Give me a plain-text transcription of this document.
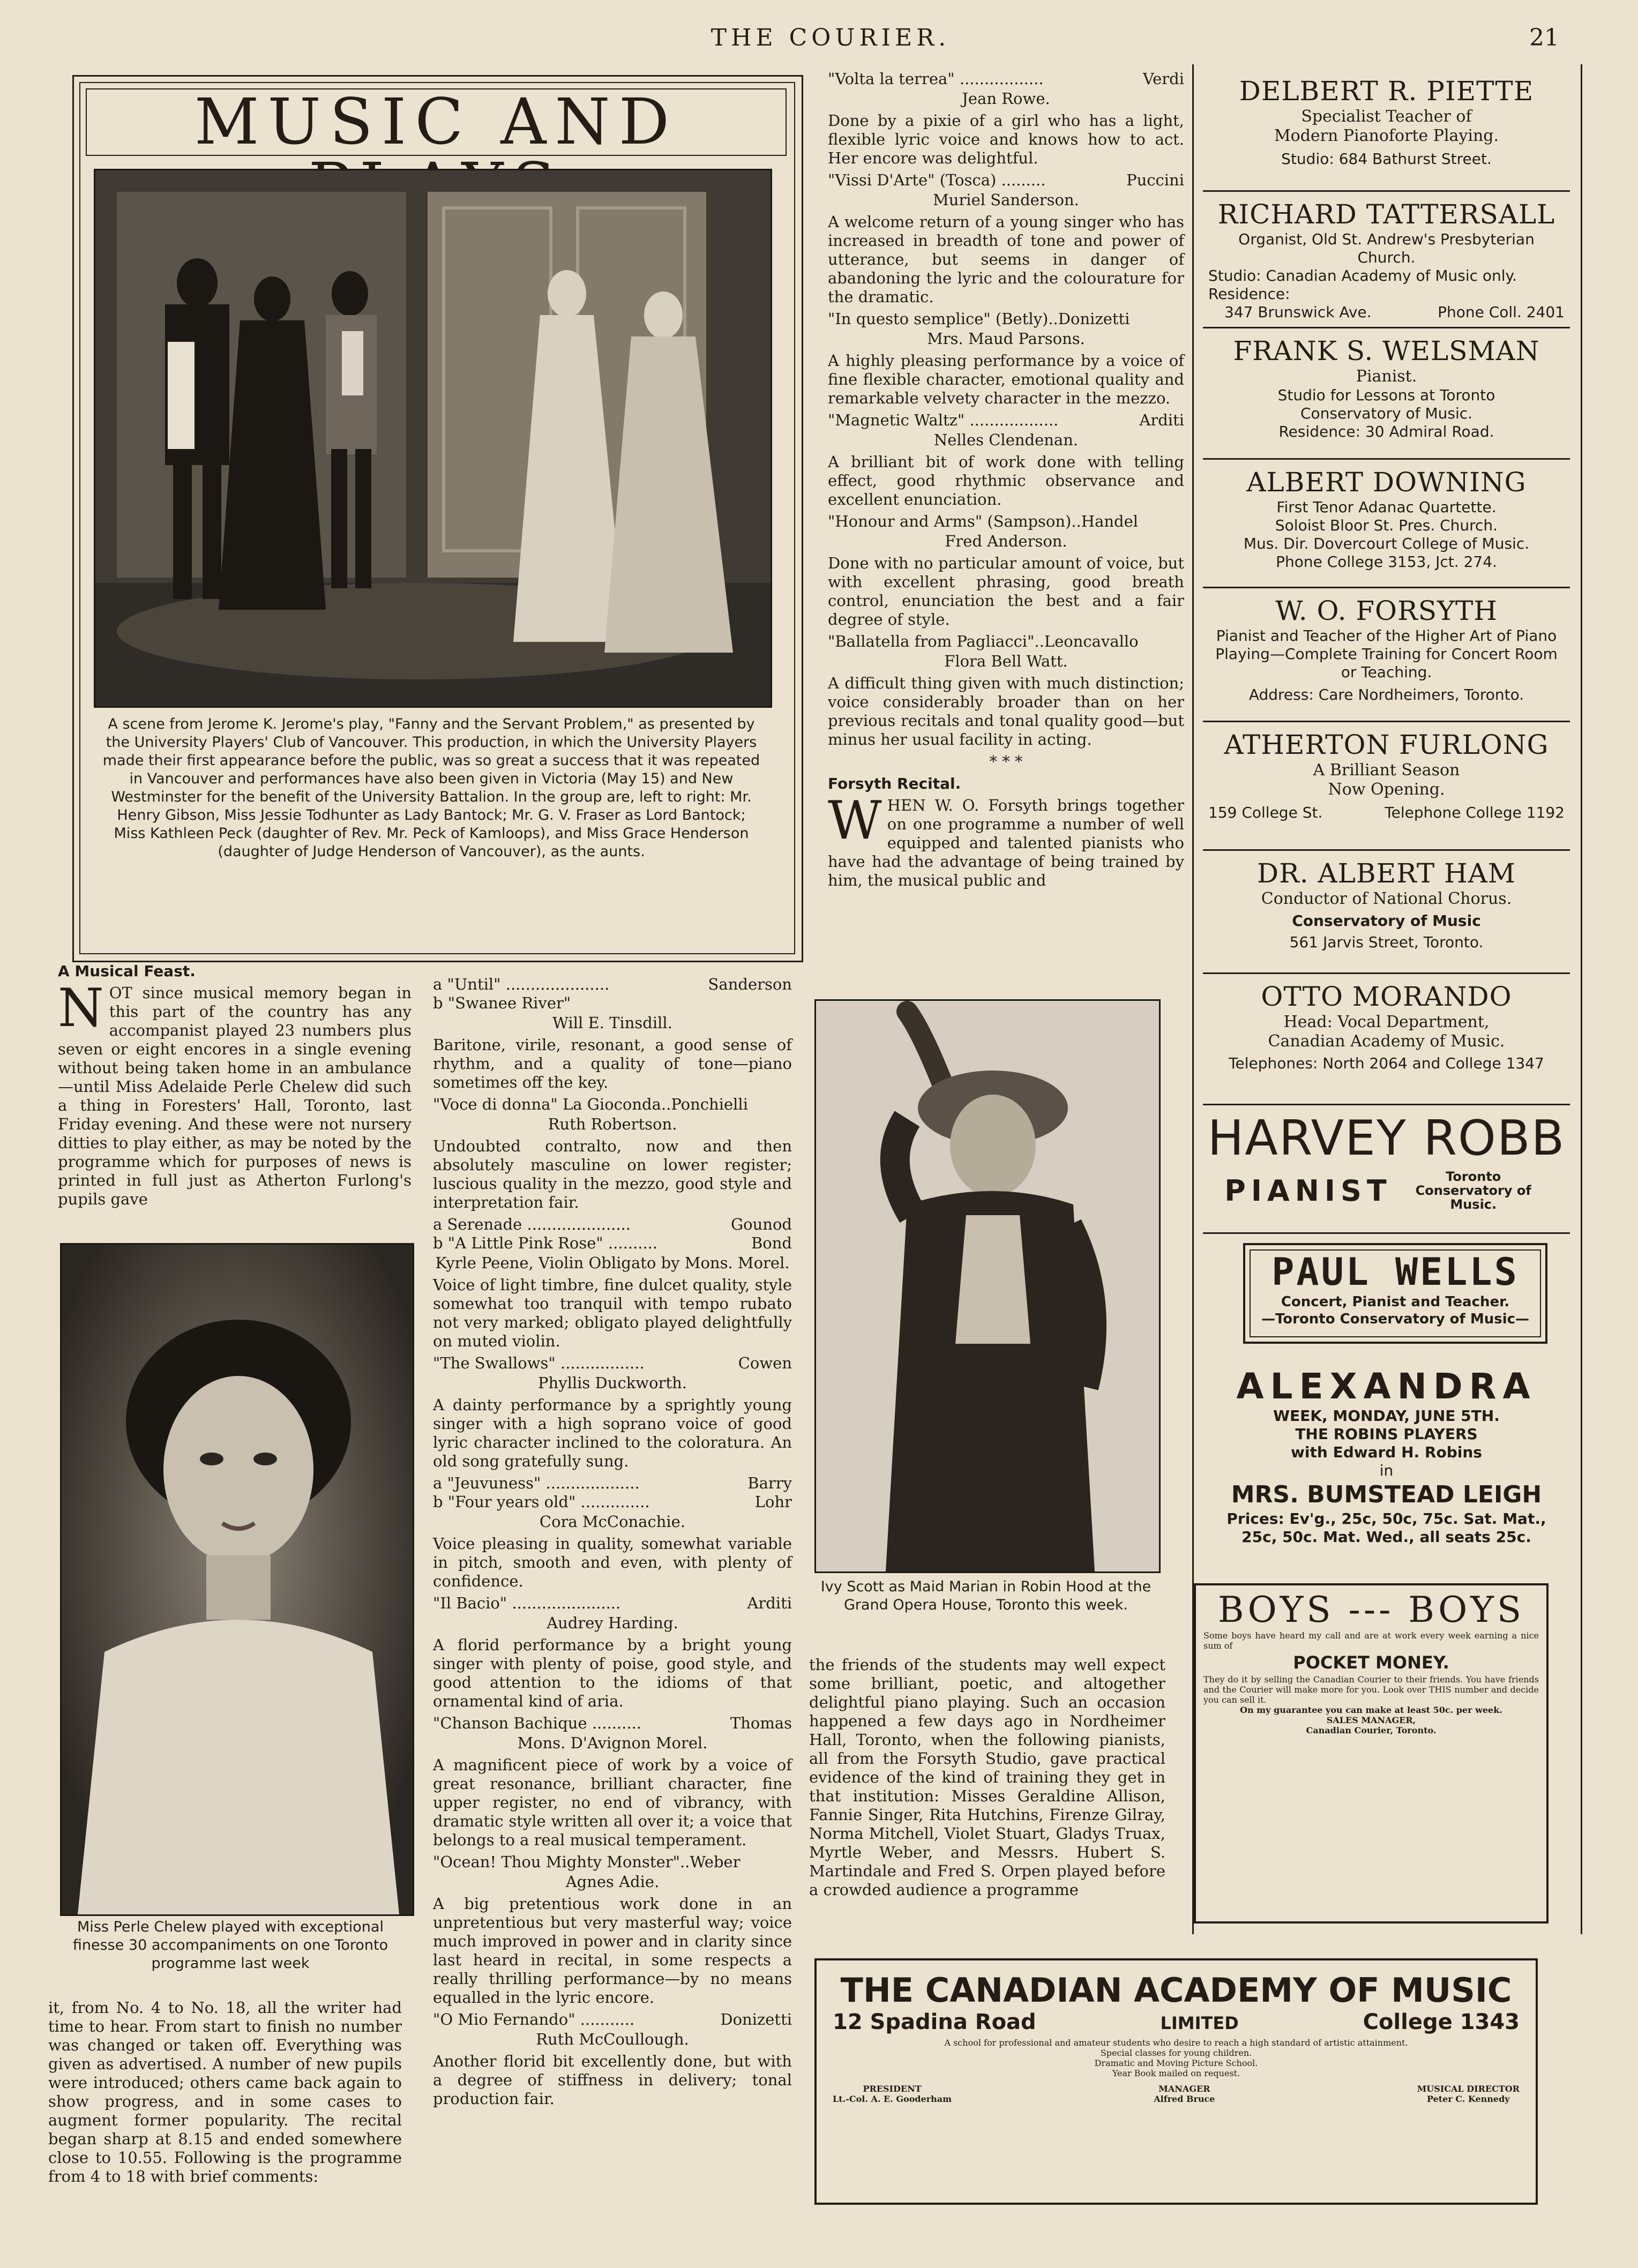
THE COURIER.	21
MUSIC AND
A scene from Jerome K. Jerome's play, "Fanny and the Servant Problem," as presented by the University Players' Club of Vancouver. This production, in which the University Players made their first appearance before the public, was so great a success that it was repeated in Vancouver and performances have also been given in Victoria (May 15) and New Westminster for the benefit of the University Battalion. In the group are, left to right: Mr. Henry Gibson, Miss Jessie Todhunter as Lady Bantock; Mr. G. V. Fraser as Lord Bantock; Miss Kathleen Peck (daughter of Rev. Mr. Peck of Kamloops), and Miss Grace Henderson (daughter of Judge Henderson of Vancouver), as the aunts.

A Musical Feast.

NOT since musical memory began in this part of the country has any accompanist played 23 numbers plus seven or eight encores in a single evening without being taken home in an ambulance—until Miss Adelaide Perle Chelew did such a thing in Foresters' Hall, Toronto, last Friday evening. And these were not nursery ditties to play either, as may be noted by the programme which for purposes of news is printed in full just as Atherton Furlong's pupils gave

Miss Perle Chelew played with exceptional finesse 30 accompaniments on one Toronto programme last week

it, from No. 4 to No. 18, all the writer had time to hear. From start to finish no number was changed or taken off. Everything was given as advertised. A number of new pupils were introduced; others came back again to show progress, and in some cases to augment former popularity. The recital began sharp at 8.15 and ended somewhere close to 10.55. Following is the programme from 4 to 18 with brief comments:

a "Until" .....................	Sanderson
b "Swanee River"

Will E. Tinsdill.

Baritone, virile, resonant, a good sense of rhythm, and a quality of tone—piano sometimes off the key.

"Voce di donna" La Gioconda..Ponchielli

Ruth Robertson.

Undoubted contralto, now and then absolutely masculine on lower register; luscious quality in the mezzo, good style and interpretation fair.

a Serenade .....................	Gounod
b "A Little Pink Rose" ..........	Bond

Kyrle Peene, Violin Obligato by Mons. Morel.

Voice of light timbre, fine dulcet quality, style somewhat too tranquil with tempo rubato not very marked; obligato played delightfully on muted violin.

"The Swallows" .................	Cowen

Phyllis Duckworth.

A dainty performance by a sprightly young singer with a high soprano voice of good lyric character inclined to the coloratura. An old song gratefully sung.

a "Jeuvuness" ...................	Barry
b "Four years old" ..............	Lohr

Cora McConachie.

Voice pleasing in quality, somewhat variable in pitch, smooth and even, with plenty of confidence.

"Il Bacio" ......................	Arditi

Audrey Harding.

A florid performance by a bright young singer with plenty of poise, good style, and good attention to the idioms of that ornamental kind of aria.

"Chanson Bachique ..........	Thomas

Mons. D'Avignon Morel.

A magnificent piece of work by a voice of great resonance, brilliant character, fine upper register, no end of vibrancy, with dramatic style written all over it; a voice that belongs to a real musical temperament.

"Ocean! Thou Mighty Monster"..Weber

Agnes Adie.

A big pretentious work done in an unpretentious but very masterful way; voice much improved in power and in clarity since last heard in recital, in some respects a really thrilling performance—by no means equalled in the lyric encore.

"O Mio Fernando" ...........	Donizetti

Ruth McCoullough.

Another florid bit excellently done, but with a degree of stiffness in delivery; tonal production fair.

"Volta la terrea" .................	Verdi

Jean Rowe.

Done by a pixie of a girl who has a light, flexible lyric voice and knows how to act. Her encore was delightful.

"Vissi D'Arte" (Tosca) .........	Puccini

Muriel Sanderson.

A welcome return of a young singer who has increased in breadth of tone and power of utterance, but seems in danger of abandoning the lyric and the colourature for the dramatic.

"In questo semplice" (Betly)..Donizetti

Mrs. Maud Parsons.

A highly pleasing performance by a voice of fine flexible character, emotional quality and remarkable velvety character in the mezzo.

"Magnetic Waltz" ..................	Arditi

Nelles Clendenan.

A brilliant bit of work done with telling effect, good rhythmic observance and excellent enunciation.

"Honour and Arms" (Sampson)..Handel

Fred Anderson.

Done with no particular amount of voice, but with excellent phrasing, good breath control, enunciation the best and a fair degree of style.

"Ballatella from Pagliacci"..Leoncavallo

Flora Bell Watt.

A difficult thing given with much distinction; voice considerably broader than on her previous recitals and tonal quality good—but minus her usual facility in acting.

* * *

Forsyth Recital.

WHEN W. O. Forsyth brings together on one programme a number of well equipped and talented pianists who have had the advantage of being trained by him, the musical public and

Ivy Scott as Maid Marian in Robin Hood at the Grand Opera House, Toronto this week.

the friends of the students may well expect some brilliant, poetic, and altogether delightful piano playing. Such an occasion happened a few days ago in Nordheimer Hall, Toronto, when the following pianists, all from the Forsyth Studio, gave practical evidence of the kind of training they get in that institution: Misses Geraldine Allison, Fannie Singer, Rita Hutchins, Firenze Gilray, Norma Mitchell, Violet Stuart, Gladys Truax, Myrtle Weber, and Messrs. Hubert S. Martindale and Fred S. Orpen played before a crowded audience a programme

DELBERT R. PIETTE
Specialist Teacher of
Modern Pianoforte Playing.
Studio: 684 Bathurst Street.
RICHARD TATTERSALL
Organist, Old St. Andrew's Presbyterian Church.
Studio: Canadian Academy of Music only.
Residence:
347 Brunswick Ave.	Phone Coll. 2401
FRANK S. WELSMAN
Pianist.
Studio for Lessons at Toronto Conservatory of Music.
Residence: 30 Admiral Road.
ALBERT DOWNING
First Tenor Adanac Quartette.
Soloist Bloor St. Pres. Church.
Mus. Dir. Dovercourt College of Music.
Phone College 3153, Jct. 274.
W. O. FORSYTH
Pianist and Teacher of the Higher Art of Piano Playing—Complete Training for Concert Room or Teaching.
Address: Care Nordheimers, Toronto.
ATHERTON FURLONG
A Brilliant Season
Now Opening.
159 College St.	Telephone College 1192
DR. ALBERT HAM
Conductor of National Chorus.
Conservatory of Music
561 Jarvis Street, Toronto.
OTTO MORANDO
Head: Vocal Department,
Canadian Academy of Music.
Telephones: North 2064 and College 1347
HARVEY ROBB
PIANIST	Toronto Conservatory of Music.
PAUL WELLS
Concert, Pianist and Teacher.
—Toronto Conservatory of Music—
ALEXANDRA
WEEK, MONDAY, JUNE 5TH.
THE ROBINS PLAYERS
with Edward H. Robins
in
MRS. BUMSTEAD LEIGH
Prices: Ev'g., 25c, 50c, 75c. Sat. Mat., 25c, 50c. Mat. Wed., all seats 25c.
BOYS --- BOYS
Some boys have heard my call and are at work every week earning a nice sum of
POCKET MONEY.
They do it by selling the Canadian Courier to their friends. You have friends and the Courier will make more for you. Look over THIS number and decide you can sell it.
On my guarantee you can make at least 50c. per week.
SALES MANAGER,
Canadian Courier, Toronto.
THE CANADIAN ACADEMY OF MUSIC
12 Spadina Road	LIMITED	College 1343
A school for professional and amateur students who desire to reach a high standard of artistic attainment.
Special classes for young children.
Dramatic and Moving Picture School.
Year Book mailed on request.
PRESIDENT
Lt.-Col. A. E. Gooderham
MANAGER
Alfred Bruce
MUSICAL DIRECTOR
Peter C. Kennedy
